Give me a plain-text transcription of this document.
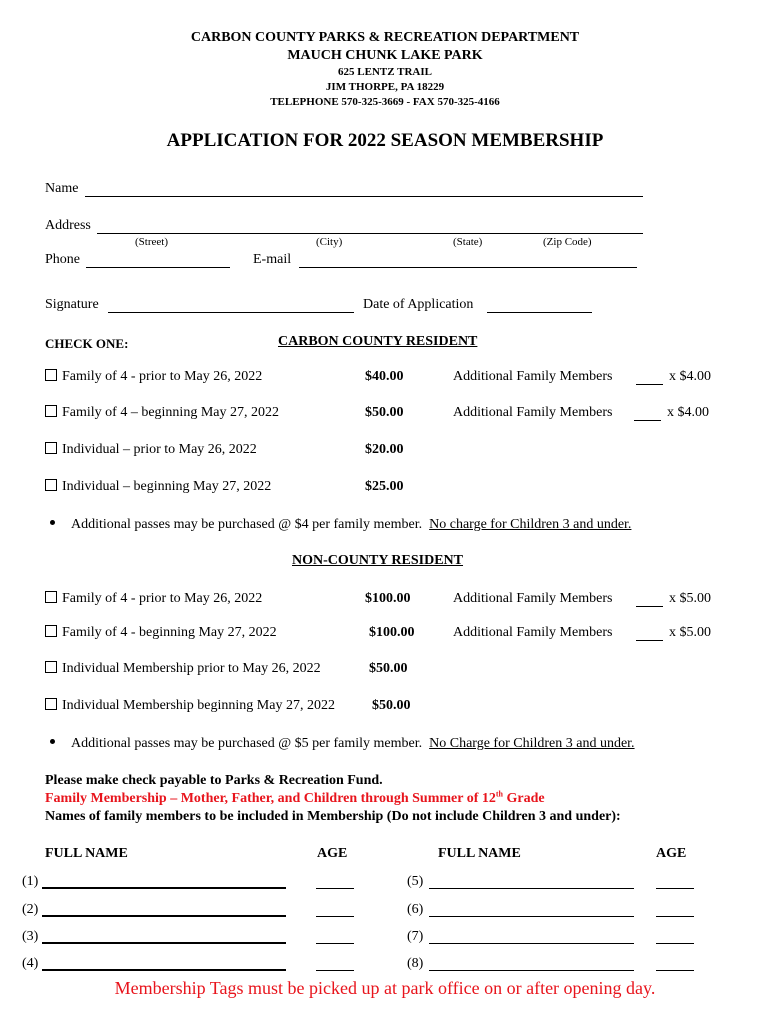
CARBON COUNTY PARKS & RECREATION DEPARTMENT
MAUCH CHUNK LAKE PARK
625 LENTZ TRAIL
JIM THORPE, PA 18229
TELEPHONE 570-325-3669 - FAX 570-325-4166
APPLICATION FOR 2022 SEASON MEMBERSHIP
Name
Address
(Street)	(City)	(State)	(Zip Code)
Phone	E-mail
Signature	Date of Application
CHECK ONE:	CARBON COUNTY RESIDENT
Family of 4 - prior to May 26, 2022	$40.00	Additional Family Members	x $4.00
Family of 4 – beginning May 27, 2022	$50.00	Additional Family Members	x $4.00
Individual – prior to May 26, 2022	$20.00
Individual – beginning May 27, 2022	$25.00
Additional passes may be purchased @ $4 per family member. No charge for Children 3 and under.
NON-COUNTY RESIDENT
Family of 4 - prior to May 26, 2022	$100.00	Additional Family Members	x $5.00
Family of 4 - beginning May 27, 2022	$100.00	Additional Family Members	x $5.00
Individual Membership prior to May 26, 2022	$50.00
Individual Membership beginning May 27, 2022	$50.00
Additional passes may be purchased @ $5 per family member. No Charge for Children 3 and under.
Please make check payable to Parks & Recreation Fund.
Family Membership – Mother, Father, and Children through Summer of 12th Grade
Names of family members to be included in Membership (Do not include Children 3 and under):
FULL NAME	AGE	FULL NAME	AGE
(1)	(5)
(2)	(6)
(3)	(7)
(4)	(8)
Membership Tags must be picked up at park office on or after opening day.
